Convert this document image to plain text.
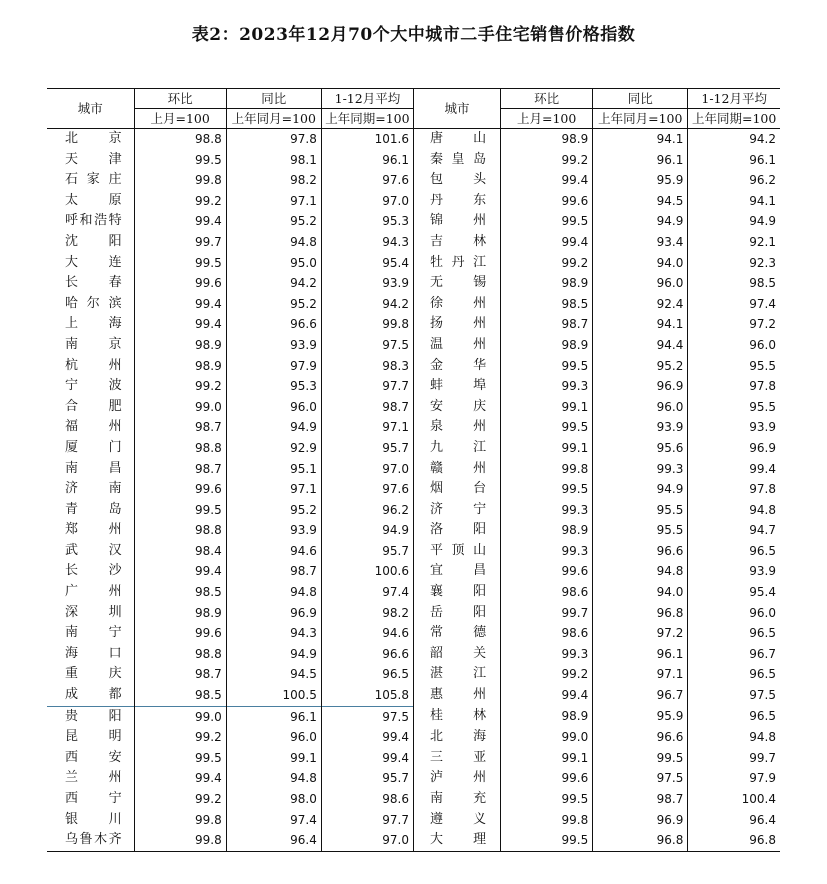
表2：2023年12月70个大中城市二手住宅销售价格指数
城市	环比	同比	1-12月平均	城市	环比	同比	1-12月平均
	上月=100	上年同月=100	上年同期=100		上月=100	上年同月=100	上年同期=100
北京	98.8	97.8	101.6	唐山	98.9	94.1	94.2
天津	99.5	98.1	96.1	秦皇岛	99.2	96.1	96.1
石家庄	99.8	98.2	97.6	包头	99.4	95.9	96.2
太原	99.2	97.1	97.0	丹东	99.6	94.5	94.1
呼和浩特	99.4	95.2	95.3	锦州	99.5	94.9	94.9
沈阳	99.7	94.8	94.3	吉林	99.4	93.4	92.1
大连	99.5	95.0	95.4	牡丹江	99.2	94.0	92.3
长春	99.6	94.2	93.9	无锡	98.9	96.0	98.5
哈尔滨	99.4	95.2	94.2	徐州	98.5	92.4	97.4
上海	99.4	96.6	99.8	扬州	98.7	94.1	97.2
南京	98.9	93.9	97.5	温州	98.9	94.4	96.0
杭州	98.9	97.9	98.3	金华	99.5	95.2	95.5
宁波	99.2	95.3	97.7	蚌埠	99.3	96.9	97.8
合肥	99.0	96.0	98.7	安庆	99.1	96.0	95.5
福州	98.7	94.9	97.1	泉州	99.5	93.9	93.9
厦门	98.8	92.9	95.7	九江	99.1	95.6	96.9
南昌	98.7	95.1	97.0	赣州	99.8	99.3	99.4
济南	99.6	97.1	97.6	烟台	99.5	94.9	97.8
青岛	99.5	95.2	96.2	济宁	99.3	95.5	94.8
郑州	98.8	93.9	94.9	洛阳	98.9	95.5	94.7
武汉	98.4	94.6	95.7	平顶山	99.3	96.6	96.5
长沙	99.4	98.7	100.6	宜昌	99.6	94.8	93.9
广州	98.5	94.8	97.4	襄阳	98.6	94.0	95.4
深圳	98.9	96.9	98.2	岳阳	99.7	96.8	96.0
南宁	99.6	94.3	94.6	常德	98.6	97.2	96.5
海口	98.8	94.9	96.6	韶关	99.3	96.1	96.7
重庆	98.7	94.5	96.5	湛江	99.2	97.1	96.5
成都	98.5	100.5	105.8	惠州	99.4	96.7	97.5
贵阳	99.0	96.1	97.5	桂林	98.9	95.9	96.5
昆明	99.2	96.0	99.4	北海	99.0	96.6	94.8
西安	99.5	99.1	99.4	三亚	99.1	99.5	99.7
兰州	99.4	94.8	95.7	泸州	99.6	97.5	97.9
西宁	99.2	98.0	98.6	南充	99.5	98.7	100.4
银川	99.8	97.4	97.7	遵义	99.8	96.9	96.4
乌鲁木齐	99.8	96.4	97.0	大理	99.5	96.8	96.8
